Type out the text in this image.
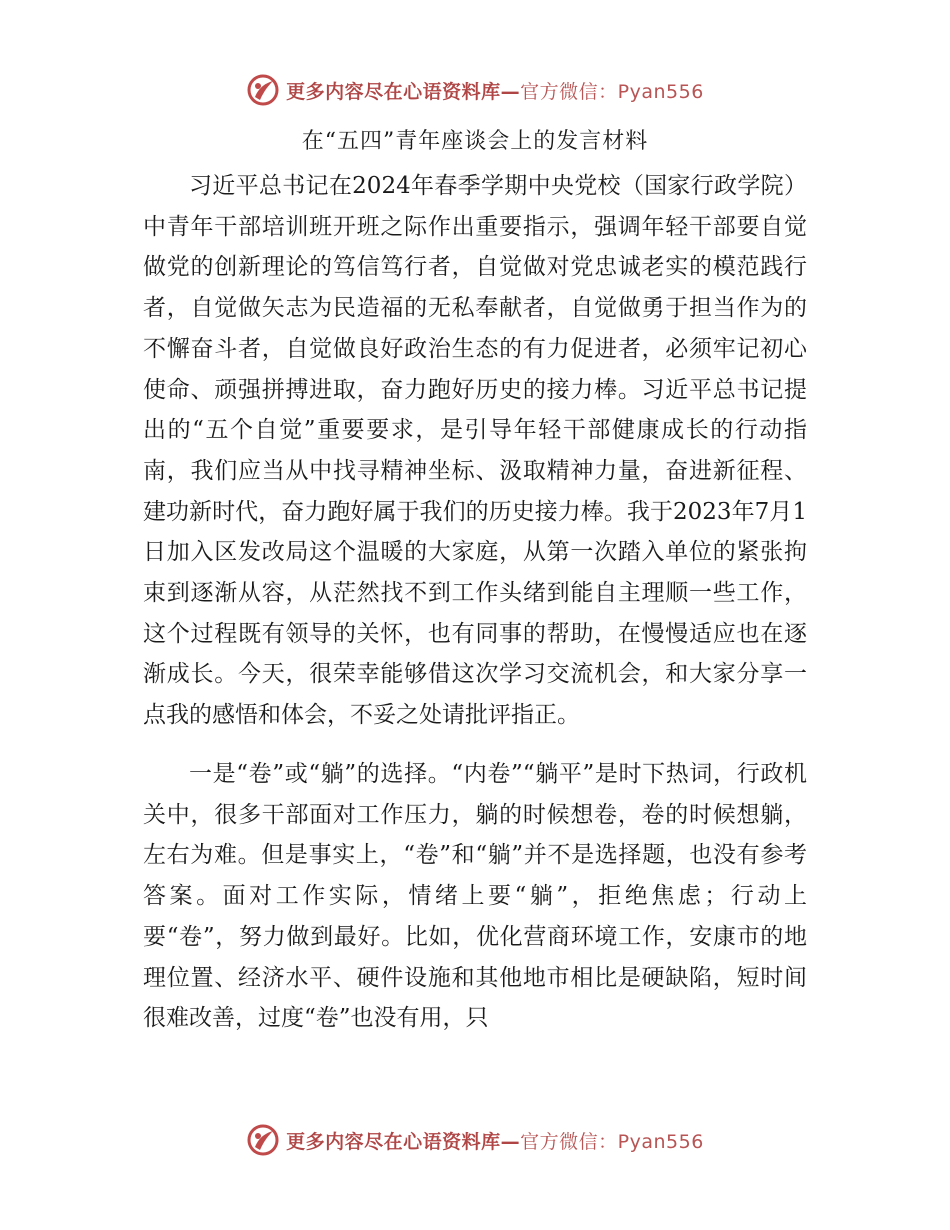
更多内容尽在心语资料库—官方微信：Pyan556
在“五四”青年座谈会上的发言材料

习近平总书记在2024年春季学期中央党校（国家行政学院）中青年干部培训班开班之际作出重要指示，强调年轻干部要自觉做党的创新理论的笃信笃行者，自觉做对党忠诚老实的模范践行者，自觉做矢志为民造福的无私奉献者，自觉做勇于担当作为的不懈奋斗者，自觉做良好政治生态的有力促进者，必须牢记初心使命、顽强拼搏进取，奋力跑好历史的接力棒。习近平总书记提出的“五个自觉”重要要求，是引导年轻干部健康成长的行动指南，我们应当从中找寻精神坐标、汲取精神力量，奋进新征程、建功新时代，奋力跑好属于我们的历史接力棒。我于2023年7月1日加入区发改局这个温暖的大家庭，从第一次踏入单位的紧张拘束到逐渐从容，从茫然找不到工作头绪到能自主理顺一些工作，这个过程既有领导的关怀，也有同事的帮助，在慢慢适应也在逐渐成长。今天，很荣幸能够借这次学习交流机会，和大家分享一点我的感悟和体会，不妥之处请批评指正。

一是“卷”或“躺”的选择。“内卷”“躺平”是时下热词，行政机关中，很多干部面对工作压力，躺的时候想卷，卷的时候想躺，左右为难。但是事实上，“卷”和“躺”并不是选择题，也没有参考答案。面对工作实际，情绪上要“躺”，拒绝焦虑；行动上要“卷”，努力做到最好。比如，优化营商环境工作，安康市的地理位置、经济水平、硬件设施和其他地市相比是硬缺陷，短时间很难改善，过度“卷”也没有用，只

更多内容尽在心语资料库—官方微信：Pyan556
